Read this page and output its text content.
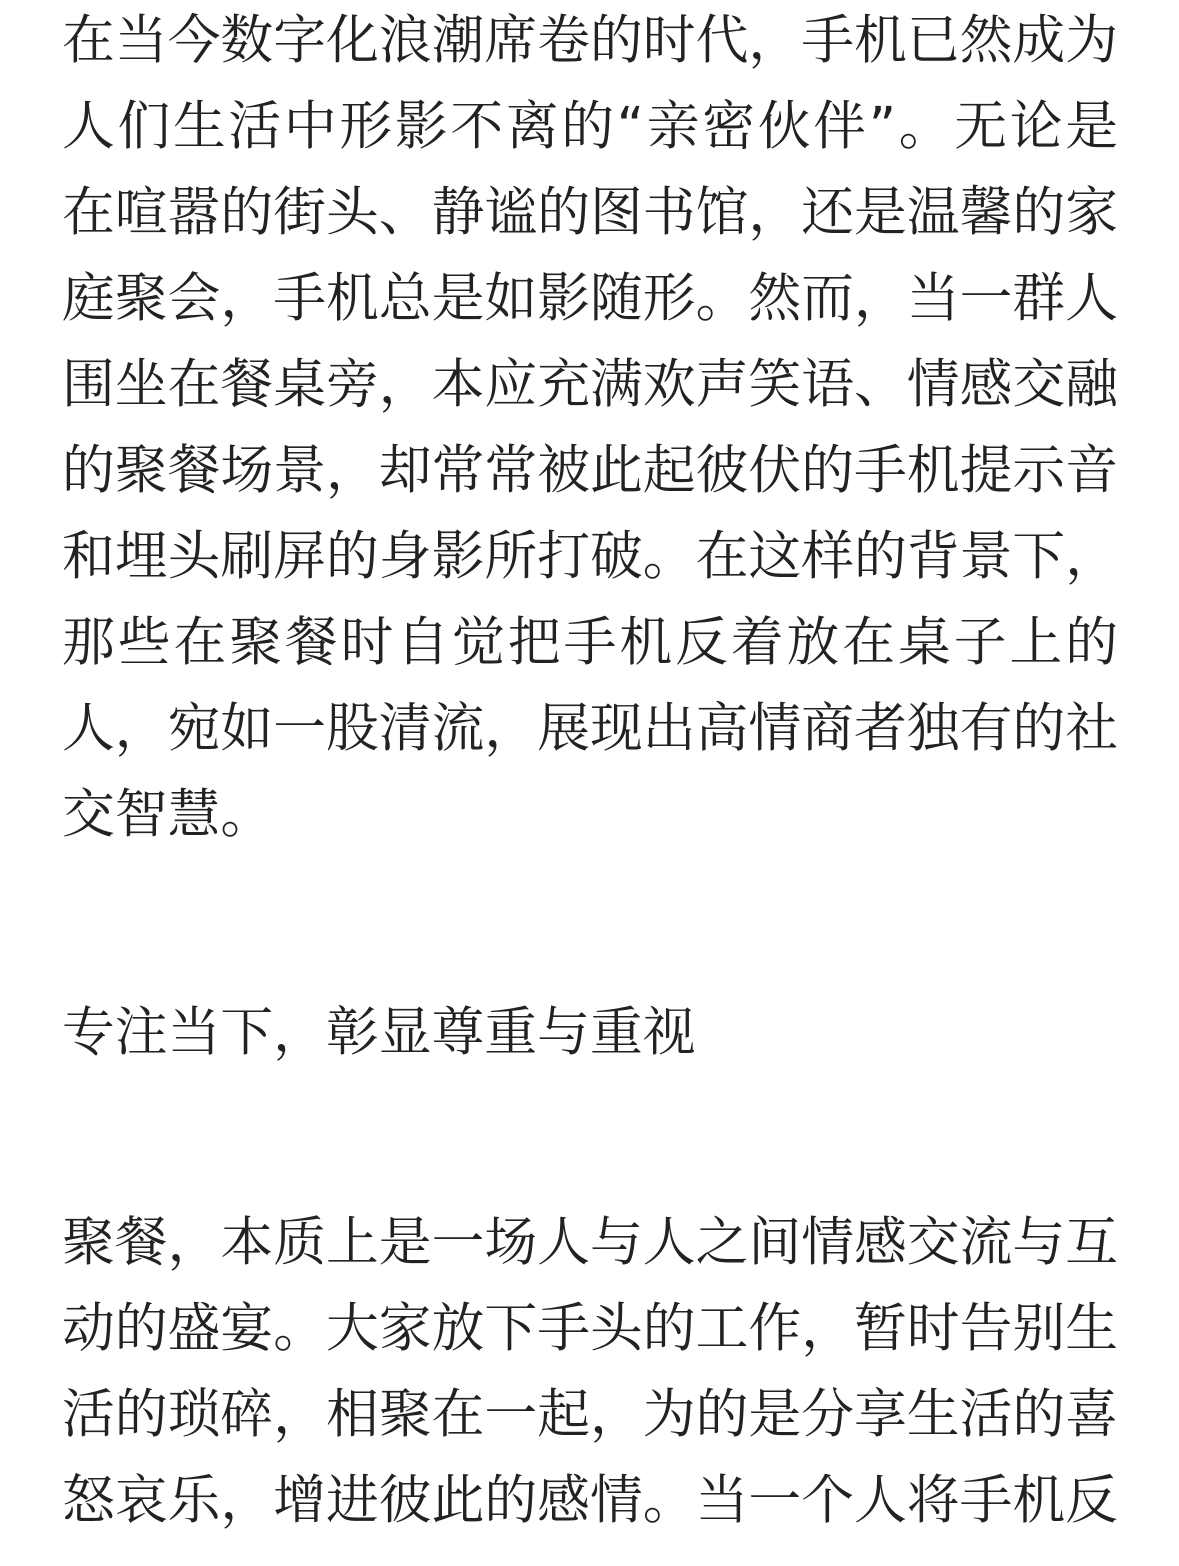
在当今数字化浪潮席卷的时代，手机已然成为人们生活中形影不离的“亲密伙伴”。无论是在喧嚣的街头、静谧的图书馆，还是温馨的家庭聚会，手机总是如影随形。然而，当一群人围坐在餐桌旁，本应充满欢声笑语、情感交融的聚餐场景，却常常被此起彼伏的手机提示音和埋头刷屏的身影所打破。在这样的背景下，那些在聚餐时自觉把手机反着放在桌子上的人，宛如一股清流，展现出高情商者独有的社交智慧。

专注当下，彰显尊重与重视

聚餐，本质上是一场人与人之间情感交流与互动的盛宴。大家放下手头的工作，暂时告别生活的琐碎，相聚在一起，为的是分享生活的喜怒哀乐，增进彼此的感情。当一个人将手机反
